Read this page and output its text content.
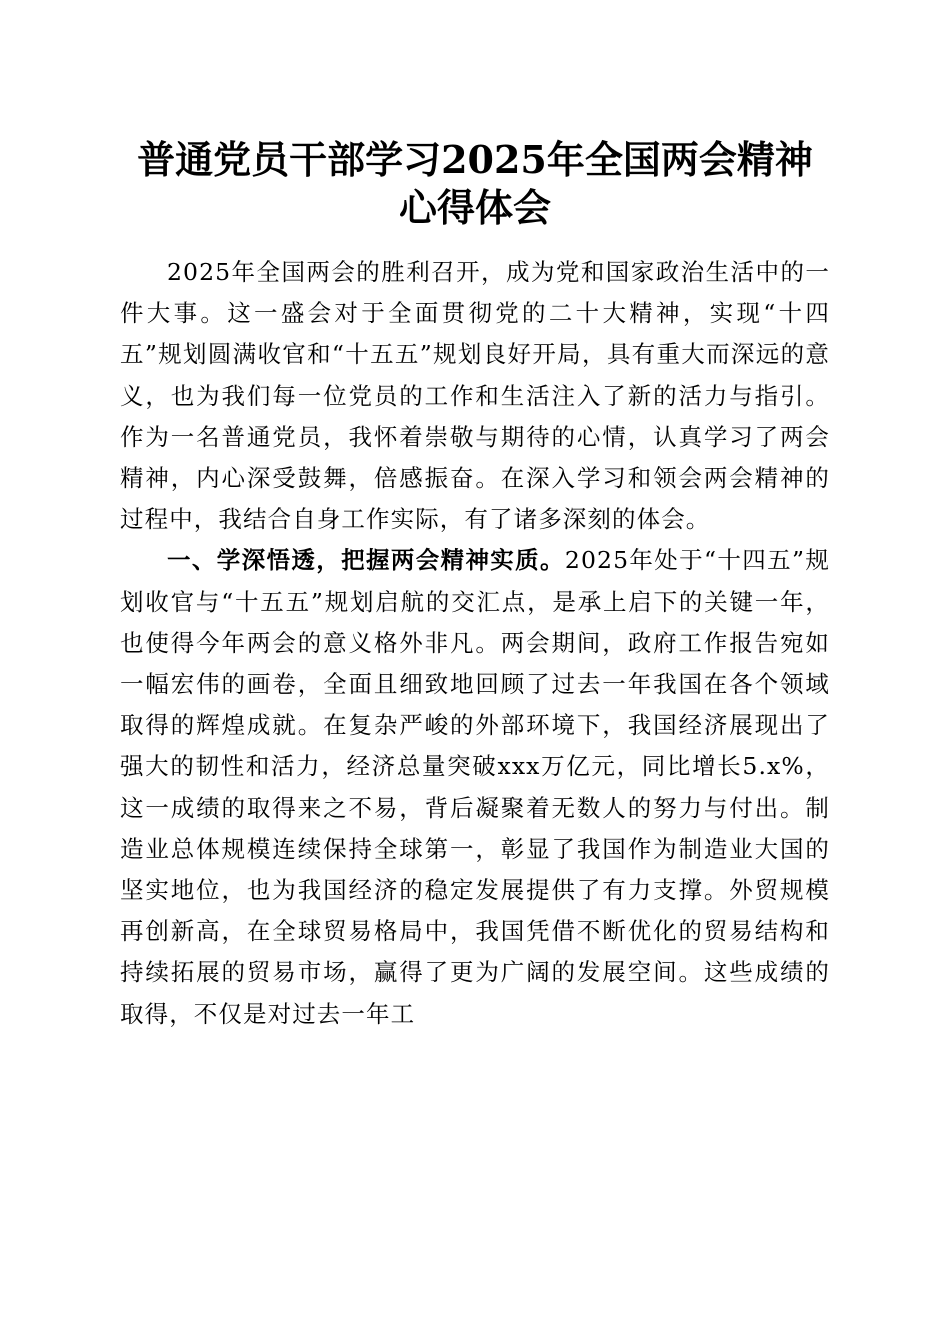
普通党员干部学习2025年全国两会精神心得体会

2025年全国两会的胜利召开，成为党和国家政治生活中的一件大事。这一盛会对于全面贯彻党的二十大精神，实现“十四五”规划圆满收官和“十五五”规划良好开局，具有重大而深远的意义，也为我们每一位党员的工作和生活注入了新的活力与指引。作为一名普通党员，我怀着崇敬与期待的心情，认真学习了两会精神，内心深受鼓舞，倍感振奋。在深入学习和领会两会精神的过程中，我结合自身工作实际，有了诸多深刻的体会。

一、学深悟透，把握两会精神实质。2025年处于“十四五”规划收官与“十五五”规划启航的交汇点，是承上启下的关键一年，也使得今年两会的意义格外非凡。两会期间，政府工作报告宛如一幅宏伟的画卷，全面且细致地回顾了过去一年我国在各个领域取得的辉煌成就。在复杂严峻的外部环境下，我国经济展现出了强大的韧性和活力，经济总量突破xxx万亿元，同比增长5.x%，这一成绩的取得来之不易，背后凝聚着无数人的努力与付出。制造业总体规模连续保持全球第一，彰显了我国作为制造业大国的坚实地位，也为我国经济的稳定发展提供了有力支撑。外贸规模再创新高，在全球贸易格局中，我国凭借不断优化的贸易结构和持续拓展的贸易市场，赢得了更为广阔的发展空间。这些成绩的取得，不仅是对过去一年工
